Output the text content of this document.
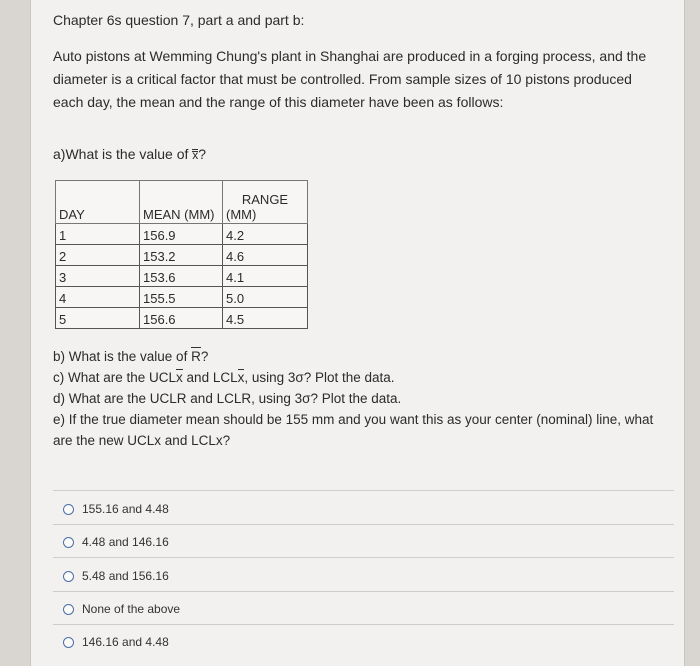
Chapter 6s question 7, part a and part b:
Auto pistons at Wemming Chung's plant in Shanghai are produced in a forging process, and the diameter is a critical factor that must be controlled. From sample sizes of 10 pistons produced each day, the mean and the range of this diameter have been as follows:
a)What is the value of x?
DAY	MEAN (MM)	RANGE
(MM)

1	156.9	4.2
2	153.2	4.6
3	153.6	4.1
4	155.5	5.0
5	156.6	4.5
b) What is the value of R?
c) What are the UCLx and LCLx, using 3σ? Plot the data.
d) What are the UCLR and LCLR, using 3σ? Plot the data.
e) If the true diameter mean should be 155 mm and you want this as your center (nominal) line, what are the new UCLx and LCLx?
155.16 and 4.48
4.48 and 146.16
5.48 and 156.16
None of the above
146.16 and 4.48
